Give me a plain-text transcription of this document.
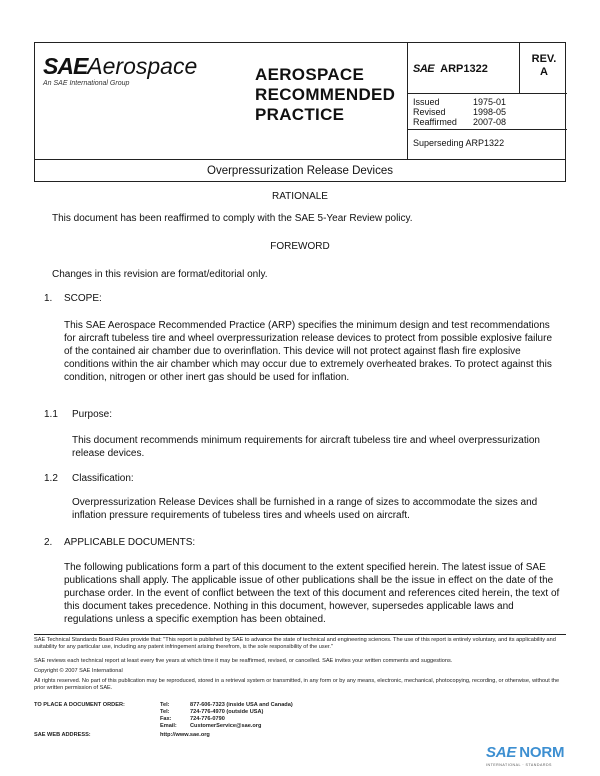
SAEAerospace
An SAE International Group	AEROSPACE
RECOMMENDED
PRACTICE
SAE ARP1322
REV.
A
Issued	1975-01
Revised	1998-05
Reaffirmed	2007-08
Superseding ARP1322
Overpressurization Release Devices
RATIONALE
This document has been reaffirmed to comply with the SAE 5-Year Review policy.
FOREWORD
Changes in this revision are format/editorial only.
1. SCOPE:
This SAE Aerospace Recommended Practice (ARP) specifies the minimum design and test recommendations for aircraft tubeless tire and wheel overpressurization release devices to protect from possible explosive failure of the contained air chamber due to overinflation. This device will not protect against flash fire explosive conditions within the air chamber which may occur due to extremely overheated brakes. To protect against this condition, nitrogen or other inert gas should be used for inflation.
1.1 Purpose:
This document recommends minimum requirements for aircraft tubeless tire and wheel overpressurization release devices.
1.2 Classification:
Overpressurization Release Devices shall be furnished in a range of sizes to accommodate the sizes and inflation pressure requirements of tubeless tires and wheels used on aircraft.
2. APPLICABLE DOCUMENTS:
The following publications form a part of this document to the extent specified herein. The latest issue of SAE publications shall apply. The applicable issue of other publications shall be the issue in effect on the date of the purchase order. In the event of conflict between the text of this document and references cited herein, the text of this document takes precedence. Nothing in this document, however, supersedes applicable laws and regulations unless a specific exemption has been obtained.
SAE Technical Standards Board Rules provide that: "This report is published by SAE to advance the state of technical and engineering sciences. The use of this report is entirely voluntary, and its applicability and suitability for any particular use, including any patent infringement arising therefrom, is the sole responsibility of the user."
SAE reviews each technical report at least every five years at which time it may be reaffirmed, revised, or cancelled. SAE invites your written comments and suggestions.
Copyright © 2007 SAE International
All rights reserved. No part of this publication may be reproduced, stored in a retrieval system or transmitted, in any form or by any means, electronic, mechanical, photocopying, recording, or otherwise, without the prior written permission of SAE.
TO PLACE A DOCUMENT ORDER:	Tel:	877-606-7323 (inside USA and Canada)
Tel:	724-776-4970 (outside USA)
Fax:	724-776-0790
Email:	CustomerService@sae.org
SAE WEB ADDRESS:	http://www.sae.org
SAE NORM
INTERNATIONAL · STANDARDS
